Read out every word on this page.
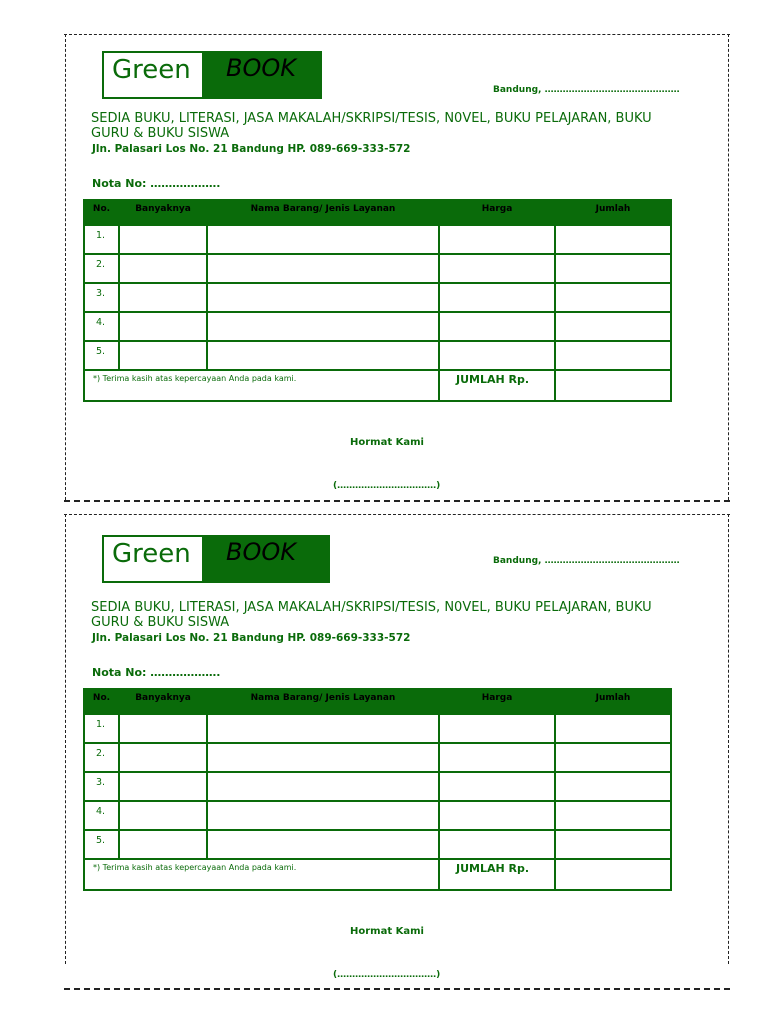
Green	BOOK
Bandung, ………………………………………
SEDIA BUKU, LITERASI, JASA MAKALAH/SKRIPSI/TESIS, N0VEL, BUKU PELAJARAN, BUKU GURU & BUKU SISWA
Jln. Palasari Los No. 21 Bandung HP. 089-669-333-572
Nota No: ……………….
No.	Banyaknya	Nama Barang/ Jenis Layanan	Harga	Jumlah
1.				
2.				
3.				
4.				
5.				
*) Terima kasih atas kepercayaan Anda pada kami.			JUMLAH Rp.	
Hormat Kami
(……………………………)
Green	BOOK	Bandung, ………………………………………
SEDIA BUKU, LITERASI, JASA MAKALAH/SKRIPSI/TESIS, N0VEL, BUKU PELAJARAN, BUKU GURU & BUKU SISWA
Jln. Palasari Los No. 21 Bandung HP. 089-669-333-572
Nota No: ……………….
No.	Banyaknya	Nama Barang/ Jenis Layanan	Harga	Jumlah
1.				
2.				
3.				
4.				
5.				
*) Terima kasih atas kepercayaan Anda pada kami.			JUMLAH Rp.	
Hormat Kami
(……………………………)
